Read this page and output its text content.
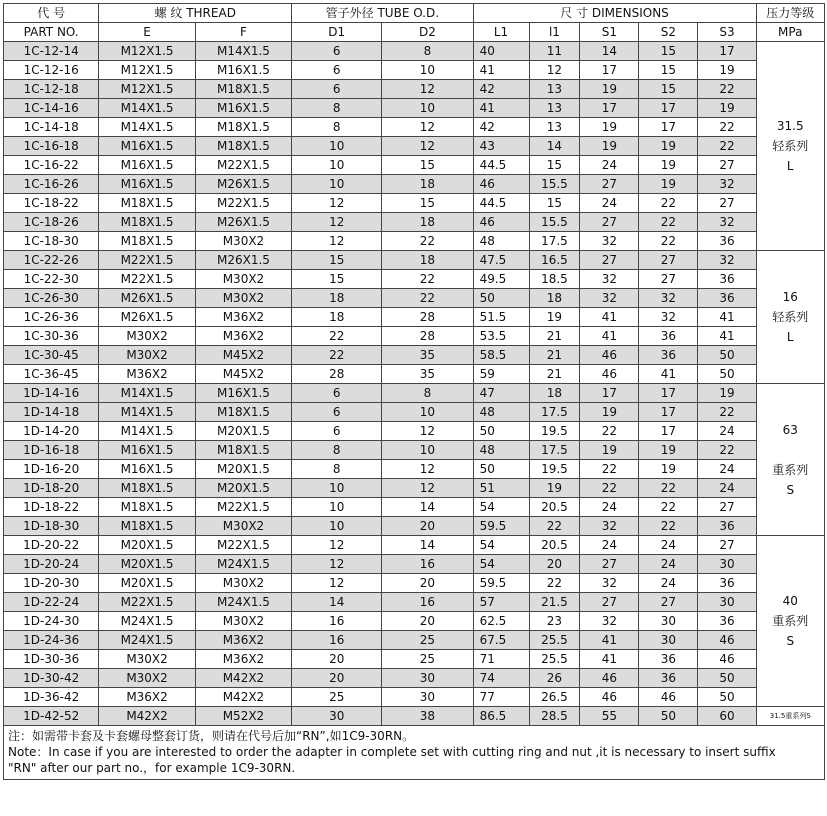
代 号	螺 纹 THREAD		管子外径 TUBE O.D.		尺 寸 DIMENSIONS					压力等级
PART NO.	E	F	D1	D2	L1	l1	S1	S2	S3	MPa
1C-12-14	M12X1.5	M14X1.5	6	8	40	11	14	15	17	31.5
轻系列
L

1C-12-16	M12X1.5	M16X1.5	6	10	41	12	17	15	19	
1C-12-18	M12X1.5	M18X1.5	6	12	42	13	19	15	22	
1C-14-16	M14X1.5	M16X1.5	8	10	41	13	17	17	19	
1C-14-18	M14X1.5	M18X1.5	8	12	42	13	19	17	22	
1C-16-18	M16X1.5	M18X1.5	10	12	43	14	19	19	22	
1C-16-22	M16X1.5	M22X1.5	10	15	44.5	15	24	19	27	
1C-16-26	M16X1.5	M26X1.5	10	18	46	15.5	27	19	32	
1C-18-22	M18X1.5	M22X1.5	12	15	44.5	15	24	22	27	
1C-18-26	M18X1.5	M26X1.5	12	18	46	15.5	27	22	32	
1C-18-30	M18X1.5	M30X2	12	22	48	17.5	32	22	36	
1C-22-26	M22X1.5	M26X1.5	15	18	47.5	16.5	27	27	32	16
轻系列
L

1C-22-30	M22X1.5	M30X2	15	22	49.5	18.5	32	27	36	
1C-26-30	M26X1.5	M30X2	18	22	50	18	32	32	36	
1C-26-36	M26X1.5	M36X2	18	28	51.5	19	41	32	41	
1C-30-36	M30X2	M36X2	22	28	53.5	21	41	36	41	
1C-30-45	M30X2	M45X2	22	35	58.5	21	46	36	50	
1C-36-45	M36X2	M45X2	28	35	59	21	46	41	50	
1D-14-16	M14X1.5	M16X1.5	6	8	47	18	17	17	19	63

重系列
S

1D-14-18	M14X1.5	M18X1.5	6	10	48	17.5	19	17	22	
1D-14-20	M14X1.5	M20X1.5	6	12	50	19.5	22	17	24	
1D-16-18	M16X1.5	M18X1.5	8	10	48	17.5	19	19	22	
1D-16-20	M16X1.5	M20X1.5	8	12	50	19.5	22	19	24	
1D-18-20	M18X1.5	M20X1.5	10	12	51	19	22	22	24	
1D-18-22	M18X1.5	M22X1.5	10	14	54	20.5	24	22	27	
1D-18-30	M18X1.5	M30X2	10	20	59.5	22	32	22	36	
1D-20-22	M20X1.5	M22X1.5	12	14	54	20.5	24	24	27	40
重系列
S

1D-20-24	M20X1.5	M24X1.5	12	16	54	20	27	24	30	
1D-20-30	M20X1.5	M30X2	12	20	59.5	22	32	24	36	
1D-22-24	M22X1.5	M24X1.5	14	16	57	21.5	27	27	30	
1D-24-30	M24X1.5	M30X2	16	20	62.5	23	32	30	36	
1D-24-36	M24X1.5	M36X2	16	25	67.5	25.5	41	30	46	
1D-30-36	M30X2	M36X2	20	25	71	25.5	41	36	46	
1D-30-42	M30X2	M42X2	20	30	74	26	46	36	50	
1D-36-42	M36X2	M42X2	25	30	77	26.5	46	46	50	
1D-42-52	M42X2	M52X2	30	38	86.5	28.5	55	50	60	31.5重系列S
注：如需带卡套及卡套螺母整套订货，则请在代号后加“RN”,如1C9-30RN。
Note：In case if you are interested to order the adapter in complete set with cutting ring and nut ,it is necessary to insert suffix
"RN" after our part no.，for example 1C9-30RN.
